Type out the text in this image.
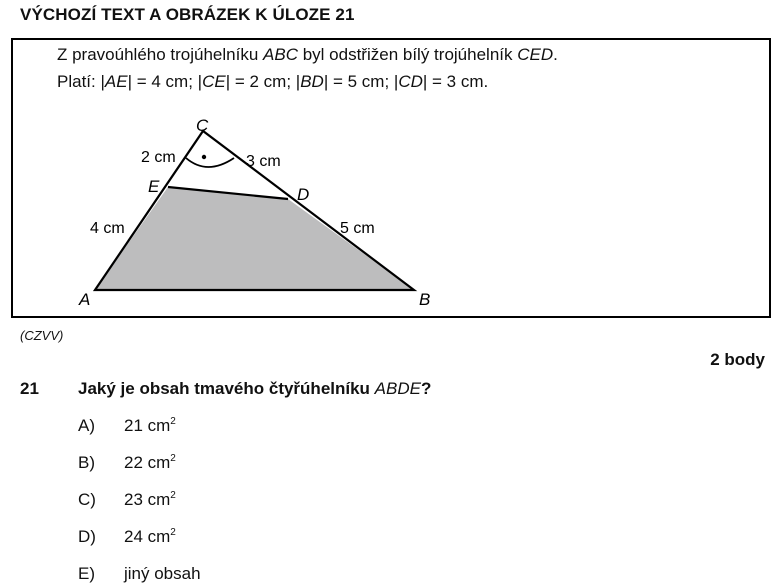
VÝCHOZÍ TEXT A OBRÁZEK K ÚLOZE 21
Z pravoúhlého trojúhelníku ABC byl odstřižen bílý trojúhelník CED.
Platí: |AE| = 4 cm; |CE| = 2 cm; |BD| = 5 cm; |CD| = 3 cm.
C
E	D
A	B
2 cm	3 cm
4 cm	5 cm
(CZVV)
2 body
21 Jaký je obsah tmavého čtyřúhelníku ABDE?
A) 21 $cm^2$
B) 22 $cm^2$
C) 23 $cm^2$
D) 24 $cm^2$
E) jiný obsah
